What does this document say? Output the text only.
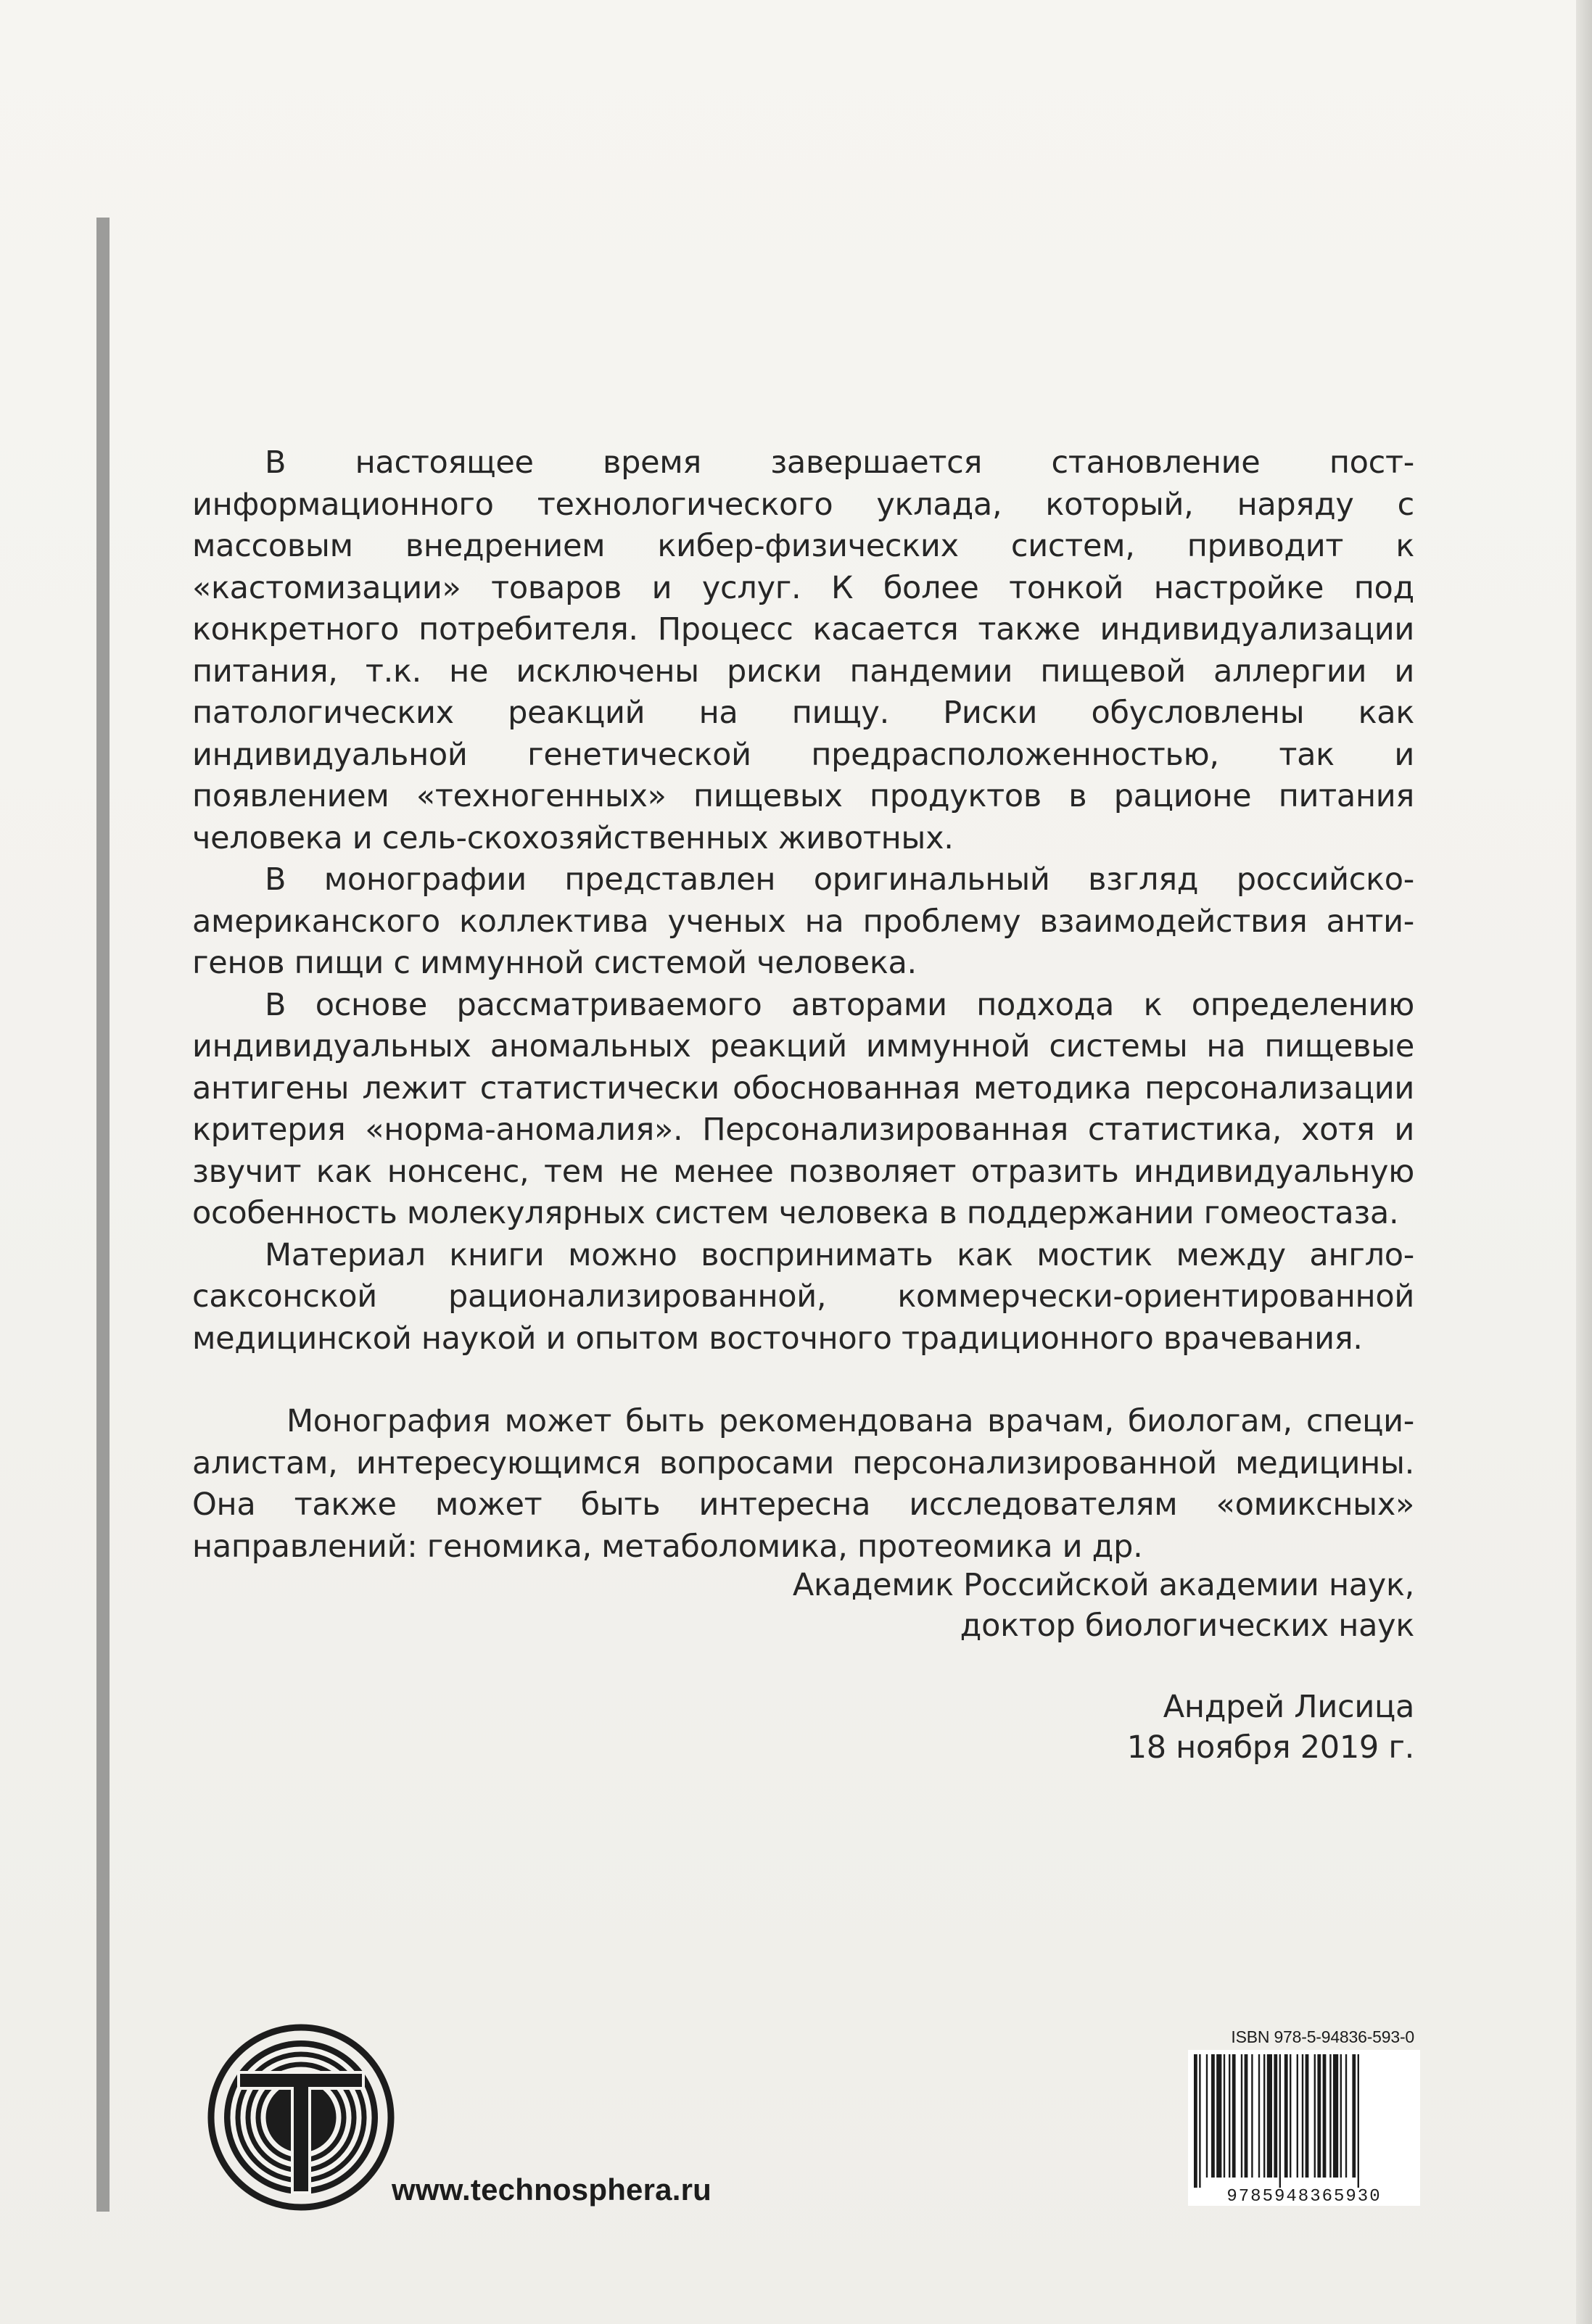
В настоящее время завершается становление пост-информационного технологического уклада, который, наряду с массовым внедрением кибер-физических систем, приводит к «кастомизации» товаров и услуг. К более тонкой настройке под конкретного потребителя. Процесс касается также индивидуализации питания, т.к. не исключены риски пандемии пищевой аллергии и патологических реакций на пищу. Риски обусловлены как индивидуальной генетической предрасположенностью, так и появлением «техногенных» пищевых продуктов в рационе питания человека и сель-скохозяйственных животных.

В монографии представлен оригинальный взгляд российско-американского коллектива ученых на проблему взаимодействия анти-генов пищи с иммунной системой человека.

В основе рассматриваемого авторами подхода к определению индивидуальных аномальных реакций иммунной системы на пищевые антигены лежит статистически обоснованная методика персонализации критерия «норма-аномалия». Персонализированная статистика, хотя и звучит как нонсенс, тем не менее позволяет отразить индивидуальную особенность молекулярных систем человека в поддержании гомеостаза.

Материал книги можно воспринимать как мостик между англо-саксонской рационализированной, коммерчески-ориентированной медицинской наукой и опытом восточного традиционного врачевания.

Монография может быть рекомендована врачам, биологам, специ-алистам, интересующимся вопросами персонализированной медицины. Она также может быть интересна исследователям «омиксных» направлений: геномика, метаболомика, протеомика и др.

Академик Российской академии наук,
доктор биологических наук
Андрей Лисица
18 ноября 2019 г.
www.technosphera.ru
ISBN 978-5-94836-593-0
9785948365930
